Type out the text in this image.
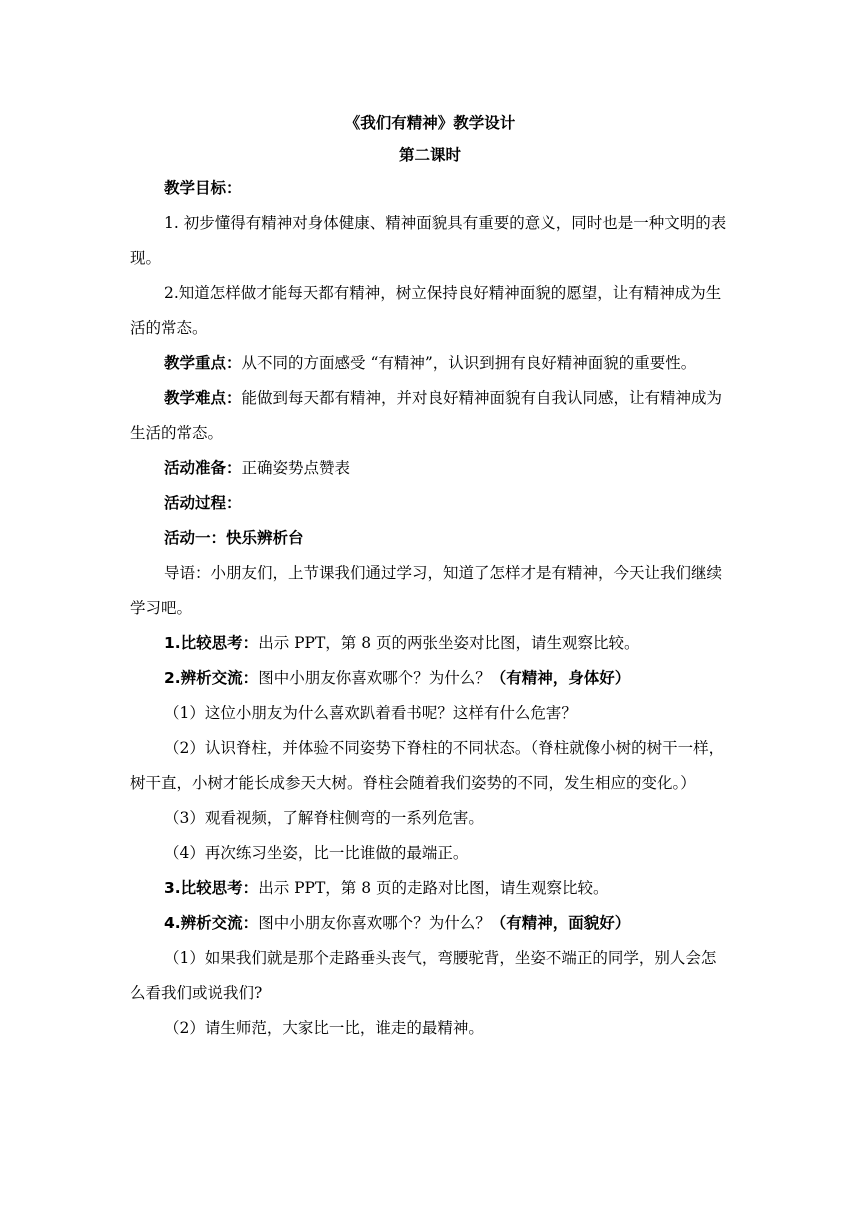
《我们有精神》教学设计
第二课时

教学目标：

1. 初步懂得有精神对身体健康、精神面貌具有重要的意义，同时也是一种文明的表现。

2.知道怎样做才能每天都有精神，树立保持良好精神面貌的愿望，让有精神成为生活的常态。

教学重点：从不同的方面感受 “有精神”，认识到拥有良好精神面貌的重要性。

教学难点：能做到每天都有精神，并对良好精神面貌有自我认同感，让有精神成为生活的常态。

活动准备：正确姿势点赞表

活动过程：

活动一：快乐辨析台

导语：小朋友们，上节课我们通过学习，知道了怎样才是有精神，今天让我们继续学习吧。

1.比较思考：出示 PPT，第 8 页的两张坐姿对比图，请生观察比较。

2.辨析交流：图中小朋友你喜欢哪个？为什么？（有精神，身体好）

（1）这位小朋友为什么喜欢趴着看书呢？这样有什么危害？

（2）认识脊柱，并体验不同姿势下脊柱的不同状态。（脊柱就像小树的树干一样，树干直，小树才能长成参天大树。脊柱会随着我们姿势的不同，发生相应的变化。）

（3）观看视频，了解脊柱侧弯的一系列危害。

（4）再次练习坐姿，比一比谁做的最端正。

3.比较思考：出示 PPT，第 8 页的走路对比图，请生观察比较。

4.辨析交流：图中小朋友你喜欢哪个？为什么？（有精神，面貌好）

（1）如果我们就是那个走路垂头丧气，弯腰驼背，坐姿不端正的同学，别人会怎么看我们或说我们?

（2）请生师范，大家比一比，谁走的最精神。
